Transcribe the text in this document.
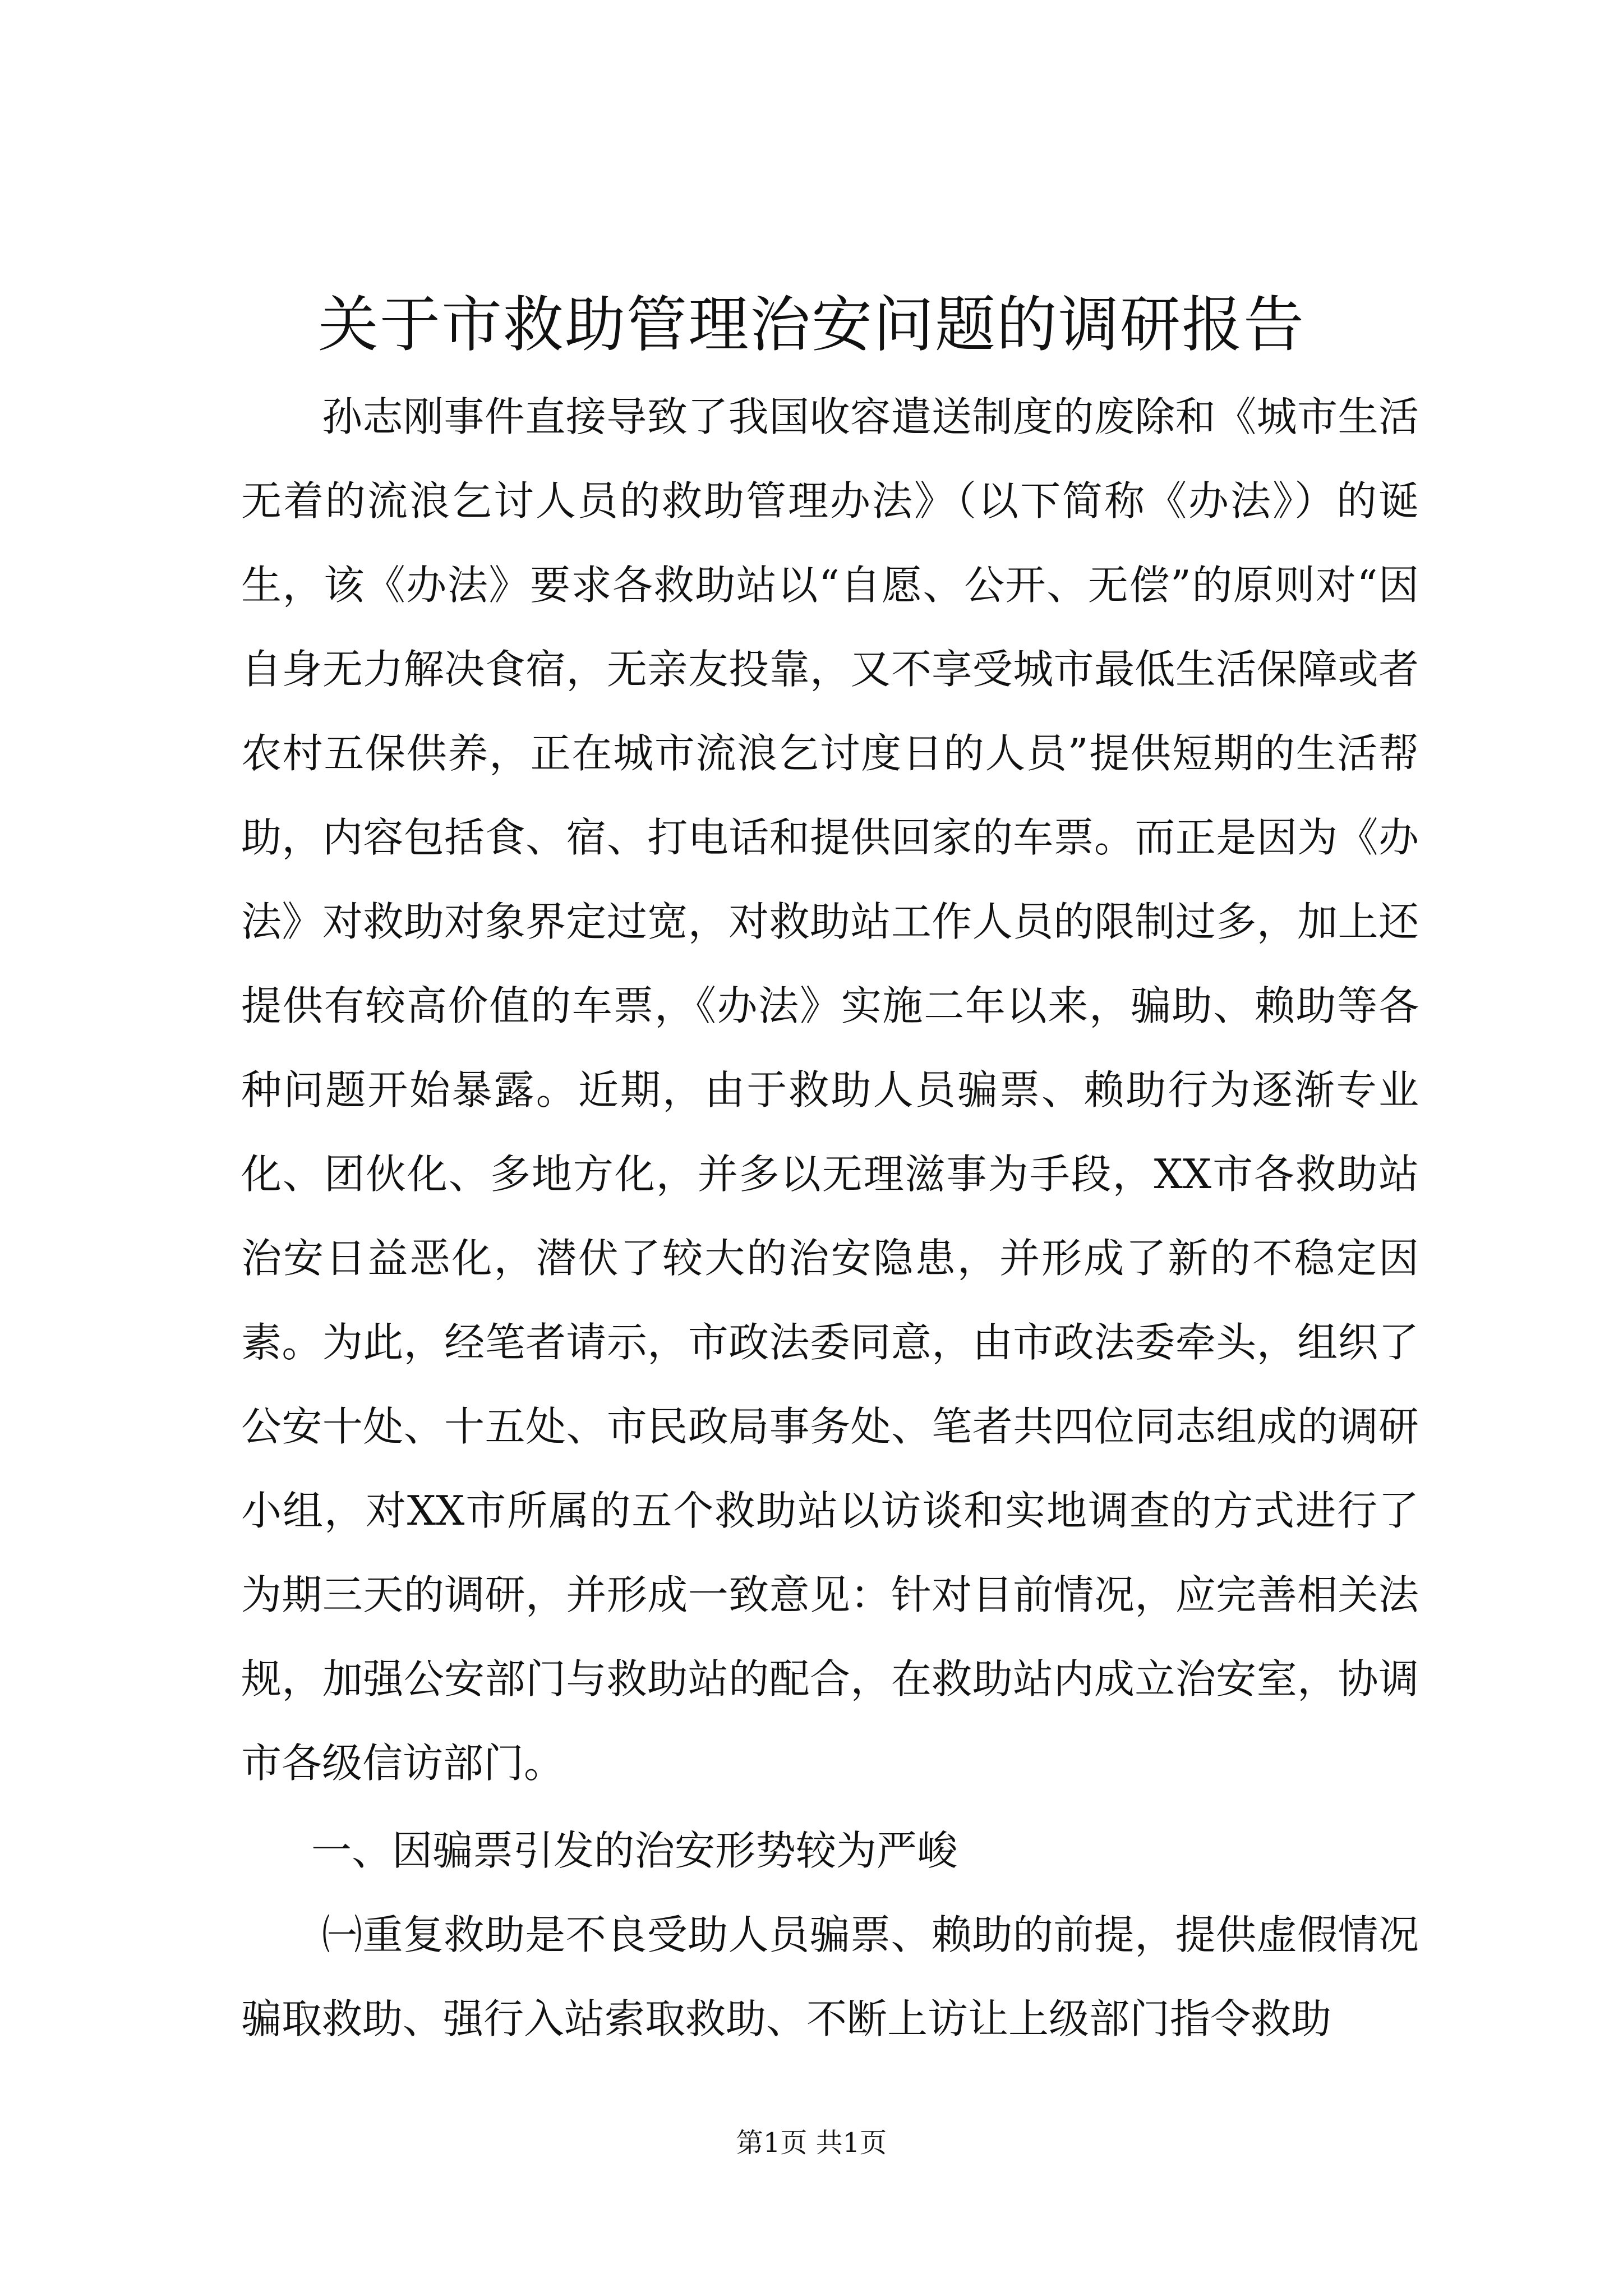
关于市救助管理治安问题的调研报告

孙志刚事件直接导致了我国收容遣送制度的废除和《城市生活无着的流浪乞讨人员的救助管理办法》（以下简称《办法》）的诞生，该《办法》要求各救助站以“自愿、公开、无偿”的原则对“因自身无力解决食宿，无亲友投靠，又不享受城市最低生活保障或者农村五保供养，正在城市流浪乞讨度日的人员”提供短期的生活帮助，内容包括食、宿、打电话和提供回家的车票。而正是因为《办法》对救助对象界定过宽，对救助站工作人员的限制过多，加上还提供有较高价值的车票，《办法》实施二年以来，骗助、赖助等各种问题开始暴露。近期，由于救助人员骗票、赖助行为逐渐专业化、团伙化、多地方化，并多以无理滋事为手段，XX市各救助站治安日益恶化，潜伏了较大的治安隐患，并形成了新的不稳定因素。为此，经笔者请示，市政法委同意，由市政法委牵头，组织了公安十处、十五处、市民政局事务处、笔者共四位同志组成的调研小组，对XX市所属的五个救助站以访谈和实地调查的方式进行了为期三天的调研，并形成一致意见：针对目前情况，应完善相关法规，加强公安部门与救助站的配合，在救助站内成立治安室，协调市各级信访部门。

一、因骗票引发的治安形势较为严峻

㈠重复救助是不良受助人员骗票、赖助的前提，提供虚假情况骗取救助、强行入站索取救助、不断上访让上级部门指令救助

第1页 共1页
